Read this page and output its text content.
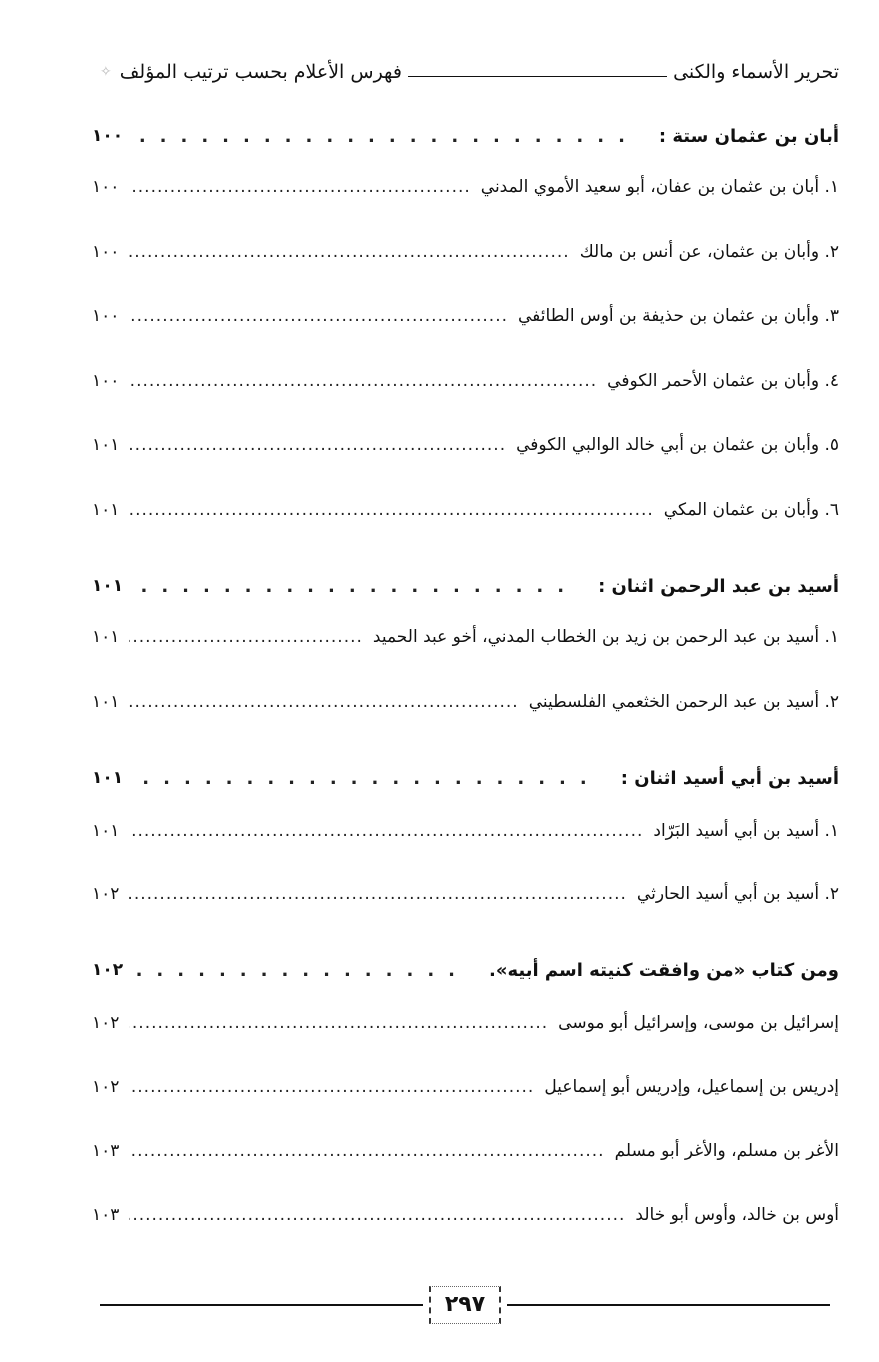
تحرير الأسماء والكنى
فهرس الأعلام بحسب ترتيب المؤلف
✧
أبان بن عثمان ستة :
.....
١٠٠
١. أبان بن عثمان بن عفان، أبو سعيد الأموي المدني
.....
١٠٠
٢. وأبان بن عثمان، عن أنس بن مالك
.....
١٠٠
٣. وأبان بن عثمان بن حذيفة بن أوس الطائفي
.....
١٠٠
٤. وأبان بن عثمان الأحمر الكوفي
.....
١٠٠
٥. وأبان بن عثمان بن أبي خالد الوالبي الكوفي
.....
١٠١
٦. وأبان بن عثمان المكي
.....
١٠١
أسيد بن عبد الرحمن اثنان :
.....
١٠١
١. أسيد بن عبد الرحمن بن زيد بن الخطاب المدني، أخو عبد الحميد
.....
١٠١
٢. أسيد بن عبد الرحمن الخثعمي الفلسطيني
.....
١٠١
أسيد بن أبي أسيد اثنان :
.....
١٠١
١. أسيد بن أبي أسيد البَرّاد
.....
١٠١
٢. أسيد بن أبي أسيد الحارثي
.....
١٠٢
ومن كتاب «من وافقت كنيته اسم أبيه».
.....
١٠٢
إسرائيل بن موسى، وإسرائيل أبو موسى
.....
١٠٢
إدريس بن إسماعيل، وإدريس أبو إسماعيل
.....
١٠٢
الأغر بن مسلم، والأغر أبو مسلم
.....
١٠٣
أوس بن خالد، وأوس أبو خالد
.....
١٠٣
٢٩٧
